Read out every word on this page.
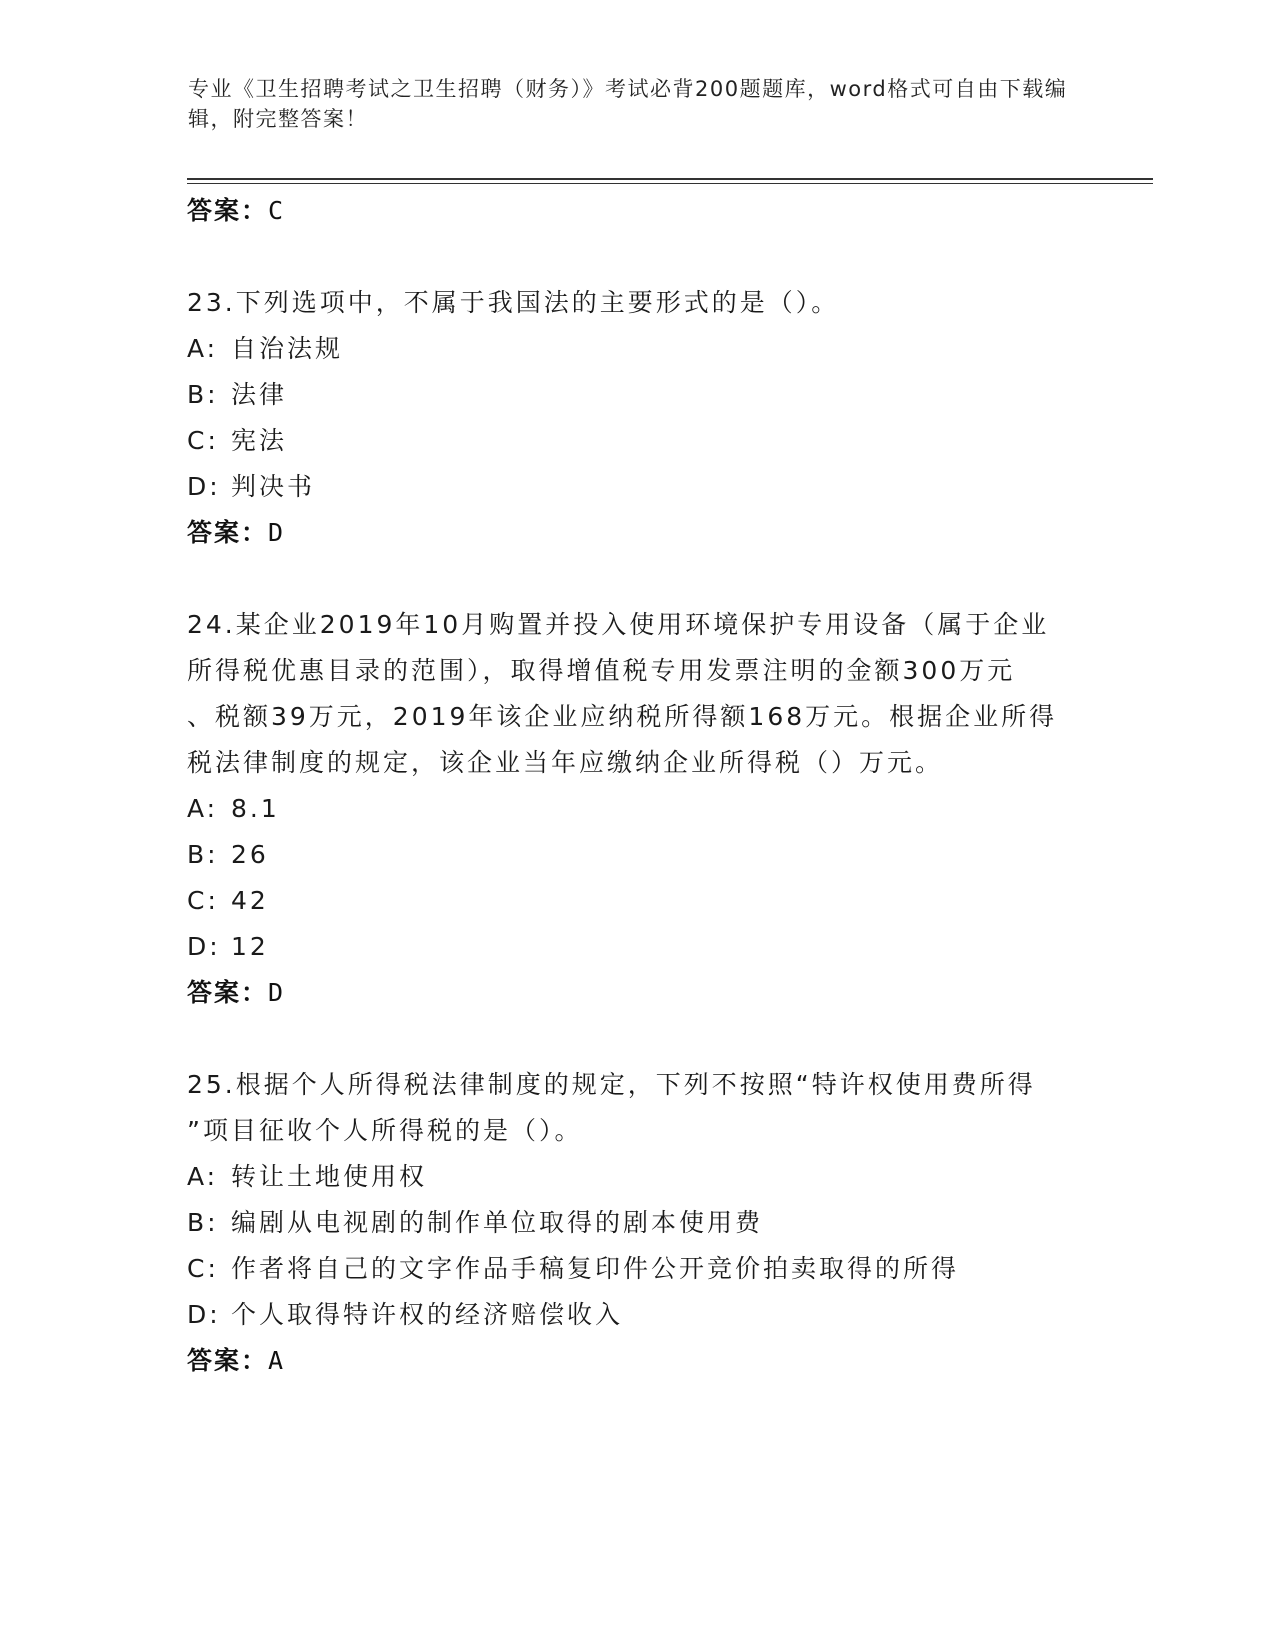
专业《卫生招聘考试之卫生招聘（财务）》考试必背200题题库，word格式可自由下载编辑，附完整答案！
答案：C
23.下列选项中，不属于我国法的主要形式的是（）。
A: 自治法规
B: 法律
C: 宪法
D: 判决书
答案：D
24.某企业2019年10月购置并投入使用环境保护专用设备（属于企业
所得税优惠目录的范围），取得增值税专用发票注明的金额300万元
、税额39万元，2019年该企业应纳税所得额168万元。根据企业所得
税法律制度的规定，该企业当年应缴纳企业所得税（）万元。
A: 8.1
B: 26
C: 42
D: 12
答案：D
25.根据个人所得税法律制度的规定，下列不按照“特许权使用费所得
”项目征收个人所得税的是（）。
A: 转让土地使用权
B: 编剧从电视剧的制作单位取得的剧本使用费
C: 作者将自己的文字作品手稿复印件公开竞价拍卖取得的所得
D: 个人取得特许权的经济赔偿收入
答案：A
